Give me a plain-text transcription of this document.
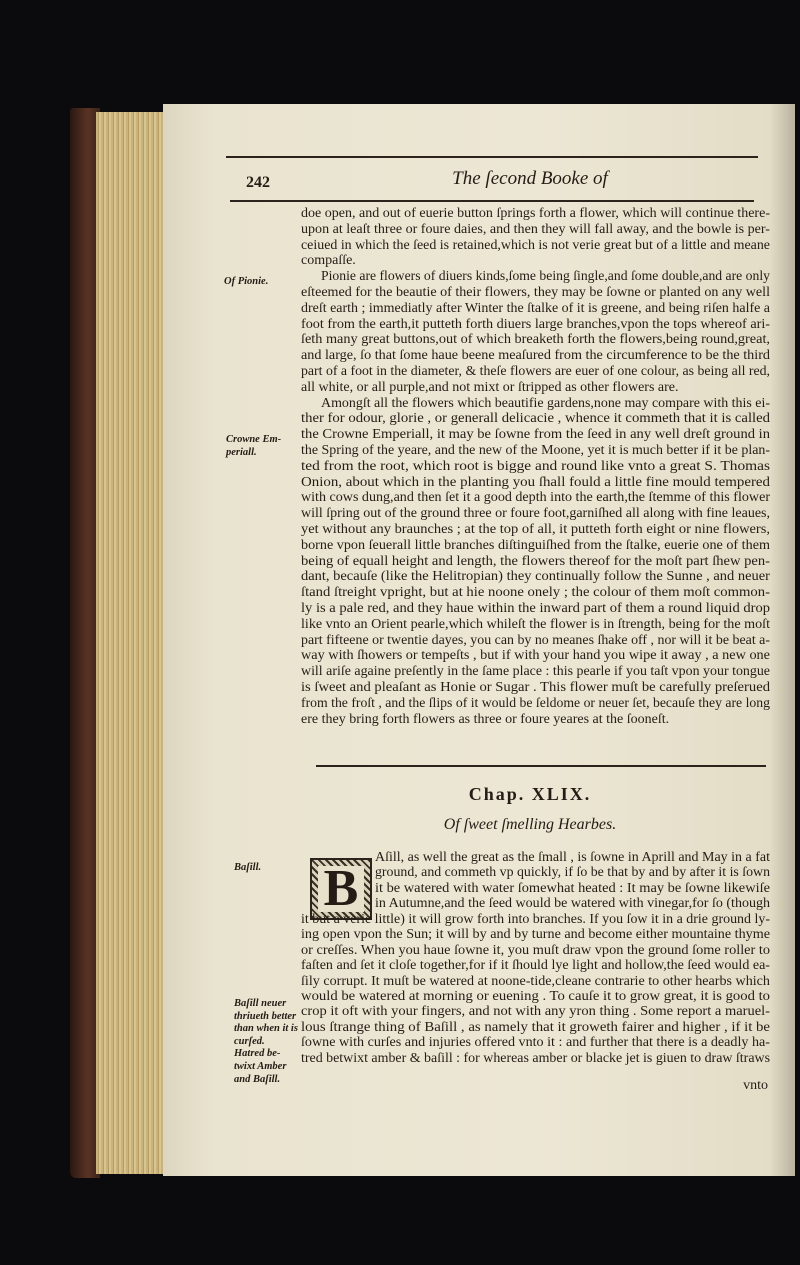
242	The ſecond Booke of
doe open, and out of euerie button ſprings forth a flower, which will continue there-
upon at leaſt three or foure daies, and then they will fall away, and the bowle is per-
ceiued in which the ſeed is retained,which is not verie great but of a little and meane
compaſſe.
Pionie are flowers of diuers kinds,ſome being ſingle,and ſome double,and are only
eſteemed for the beautie of their flowers, they may be ſowne or planted on any well
dreſt earth ; immediatly after Winter the ſtalke of it is greene, and being riſen halfe a
foot from the earth,it putteth forth diuers large branches,vpon the tops whereof ari-
ſeth many great buttons,out of which breaketh forth the flowers,being round,great,
and large, ſo that ſome haue beene meaſured from the circumference to be the third
part of a foot in the diameter, & theſe flowers are euer of one colour, as being all red,
all white, or all purple,and not mixt or ſtripped as other flowers are.
Amongſt all the flowers which beautifie gardens,none may compare with this ei-
ther for odour, glorie , or generall delicacie , whence it commeth that it is called
the Crowne Emperiall, it may be ſowne from the ſeed in any well dreſt ground in
the Spring of the yeare, and the new of the Moone, yet it is much better if it be plan-
ted from the root, which root is bigge and round like vnto a great S. Thomas
Onion, about which in the planting you ſhall fould a little fine mould tempered
with cows dung,and then ſet it a good depth into the earth,the ſtemme of this flower
will ſpring out of the ground three or foure foot,garniſhed all along with fine leaues,
yet without any braunches ; at the top of all, it putteth forth eight or nine flowers,
borne vpon ſeuerall little branches diſtinguiſhed from the ſtalke, euerie one of them
being of equall height and length, the flowers thereof for the moſt part ſhew pen-
dant, becauſe (like the Helitropian) they continually follow the Sunne , and neuer
ſtand ſtreight vpright, but at hie noone onely ; the colour of them moſt common-
ly is a pale red, and they haue within the inward part of them a round liquid drop
like vnto an Orient pearle,which whileſt the flower is in ſtrength, being for the moſt
part fifteene or twentie dayes, you can by no meanes ſhake off , nor will it be beat a-
way with ſhowers or tempeſts , but if with your hand you wipe it away , a new one
will ariſe againe preſently in the ſame place : this pearle if you taſt vpon your tongue
is ſweet and pleaſant as Honie or Sugar . This flower muſt be carefully preſerued
from the froſt , and the ſlips of it would be ſeldome or neuer ſet, becauſe they are long
ere they bring forth flowers as three or foure yeares at the ſooneſt.
Of Pionie.
Crowne Em-
periall.
Chap. XLIX.
Of ſweet ſmelling Hearbes.
B
Aſill, as well the great as the ſmall , is ſowne in Aprill and May in a fat
ground, and commeth vp quickly, if ſo be that by and by after it is ſown
it be watered with water ſomewhat heated : It may be ſowne likewiſe
in Autumne,and the ſeed would be watered with vinegar,for ſo (though
it but a verie little) it will grow forth into branches. If you ſow it in a drie ground ly-
ing open vpon the Sun; it will by and by turne and become either mountaine thyme
or creſſes. When you haue ſowne it, you muſt draw vpon the ground ſome roller to
faſten and ſet it cloſe together,for if it ſhould lye light and hollow,the ſeed would ea-
ſily corrupt. It muſt be watered at noone-tide,cleane contrarie to other hearbs which
would be watered at morning or euening . To cauſe it to grow great, it is good to
crop it oft with your fingers, and not with any yron thing . Some report a maruel-
lous ſtrange thing of Baſill , as namely that it groweth fairer and higher , if it be
ſowne with curſes and injuries offered vnto it : and further that there is a deadly ha-
tred betwixt amber & baſill : for whereas amber or blacke jet is giuen to draw ſtraws
Baſill.
Baſill neuer
thriueth better
than when it is
curſed.
Hatred be-
twixt Amber
and Baſill.	vnto
